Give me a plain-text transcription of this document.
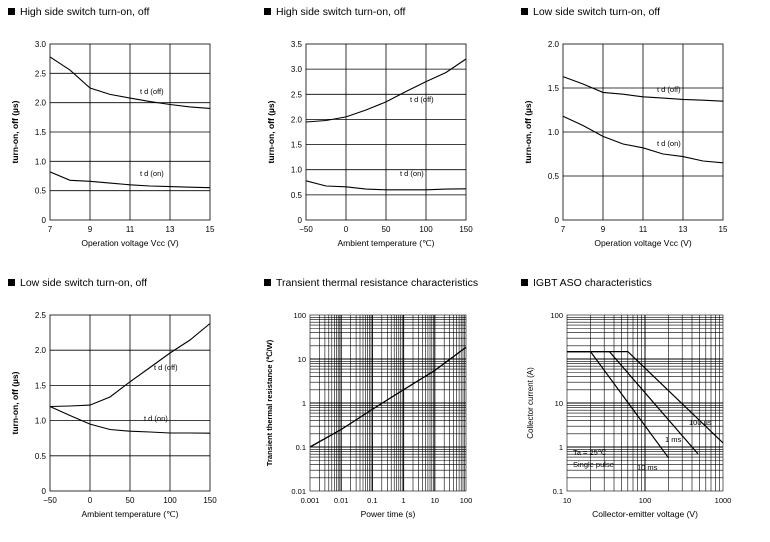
High side switch turn-on, off
0
0.5
1.0
1.5
2.0
2.5
3.0
7	9	11	13	15
Operation voltage Vcc (V)
turn-on, off (µs)
t d (off)
t d (on)
High side switch turn-on, off
0
0.5
1.0
1.5
2.0
2.5
3.0
3.5
−50	0	50	100	150
Ambient temperature (℃)
turn-on, off (µs)
t d (off)
t d (on)
Low side switch turn-on, off
0
0.5
1.0
1.5
2.0
7	9	11	13	15
Operation voltage Vcc (V)
turn-on, off (µs)
t d (off)
t d (on)
Low side switch turn-on, off
0
0.5
1.0
1.5
2.0
2.5
−50	0	50	100	150
Ambient temperature (℃)
turn-on, off (µs)
t d (off)
t d (on)
Transient thermal resistance characteristics
0.01
0.1
1
10
100
0.001 0.01 0.1	1	10	100
Power time (s)
Transient thermal resistance (℃/W)
IGBT ASO characteristics
0.1
1
10
100
10	100	1000
Collector-emitter voltage (V)
Collector current (A)	100 µs
1 ms
10 ms
Ta = 25℃
Single pulse
